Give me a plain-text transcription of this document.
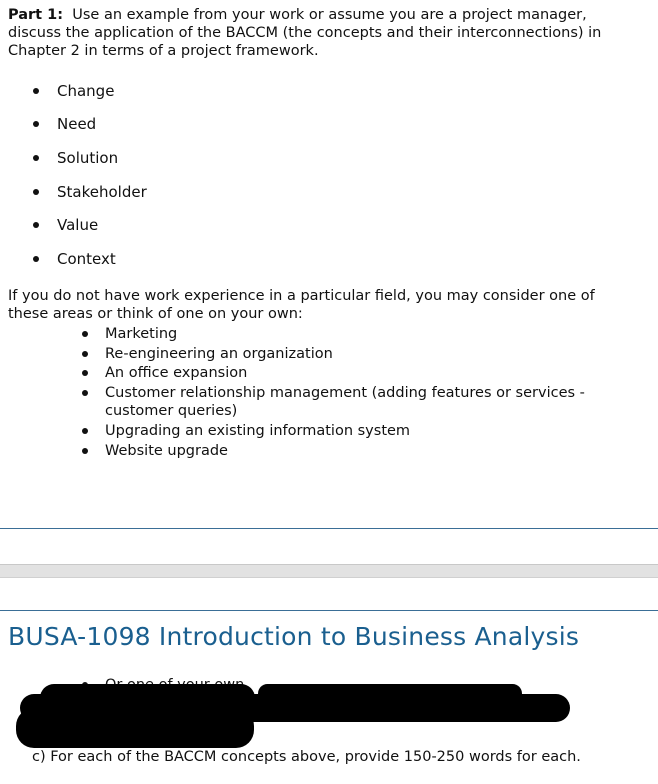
Part 1: Use an example from your work or assume you are a project manager, discuss the application of the BACCM (the concepts and their interconnections) in Chapter 2 in terms of a project framework.
Change
Need
Solution
Stakeholder
Value
Context
If you do not have work experience in a particular field, you may consider one of these areas or think of one on your own:
Marketing
Re-engineering an organization
An office expansion
Customer relationship management (adding features or services - customer queries)
Upgrading an existing information system
Website upgrade
BUSA-1098 Introduction to Business Analysis
c) For each of the BACCM concepts above, provide 150-250 words for each.
